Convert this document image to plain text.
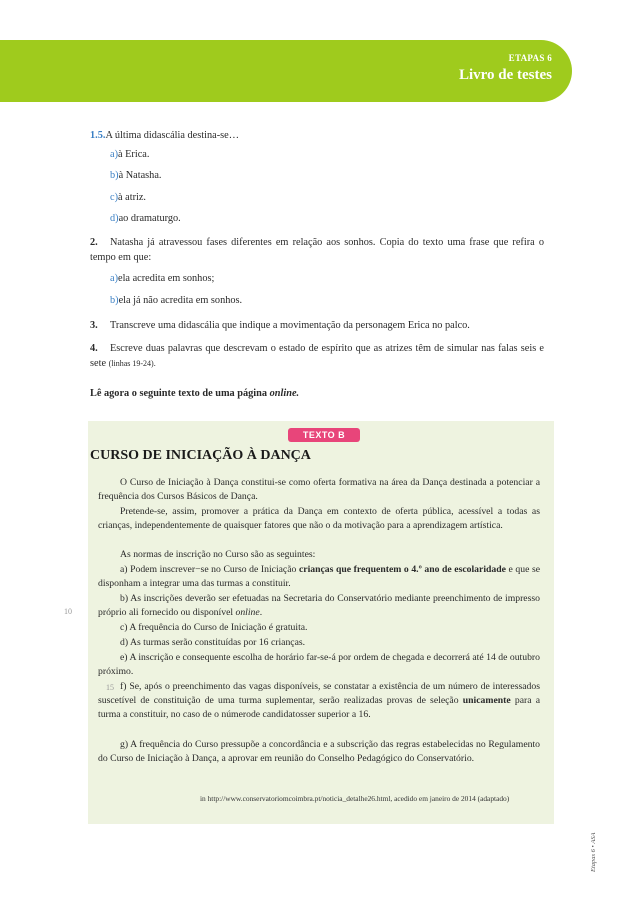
ETAPAS 6
Livro de testes
1.5.A última didascália destina-se…
a)à Erica.
b)à Natasha.
c)à atriz.
d)ao dramaturgo.
2. Natasha já atravessou fases diferentes em relação aos sonhos. Copia do texto uma frase que refira o tempo em que:
a)ela acredita em sonhos;
b)ela já não acredita em sonhos.
3. Transcreve uma didascália que indique a movimentação da personagem Erica no palco.
4. Escreve duas palavras que descrevam o estado de espírito que as atrizes têm de simular nas falas seis e sete (linhas 19-24).
Lê agora o seguinte texto de uma página online.
TEXTO B
CURSO DE INICIAÇÃO À DANÇA
O Curso de Iniciação à Dança constitui-se como oferta formativa na área da Dança destinada a potenciar a frequência dos Cursos Básicos de Dança.
Pretende-se, assim, promover a prática da Dança em contexto de oferta pública, acessível a todas as crianças, independentemente de quaisquer fatores que não o da motivação para a aprendizagem artística.
As normas de inscrição no Curso são as seguintes:
a) Podem inscrever−se no Curso de Iniciação crianças que frequentem o 4.º ano de escolaridade e que se disponham a integrar uma das turmas a constituir.
b) As inscrições deverão ser efetuadas na Secretaria do Conservatório mediante preenchimento de impresso próprio ali fornecido ou disponível online.
10
c) A frequência do Curso de Iniciação é gratuita.
d) As turmas serão constituídas por 16 crianças.
e) A inscrição e consequente escolha de horário far-se-á por ordem de chegada e decorrerá até 14 de outubro próximo.
15 f) Se, após o preenchimento das vagas disponíveis, se constatar a existência de um número de interessados suscetível de constituição de uma turma suplementar, serão realizadas provas de seleção unicamente para a turma a constituir, no caso de o númerode candidatosser superior a 16.
g) A frequência do Curso pressupõe a concordância e a subscrição das regras estabelecidas no Regulamento do Curso de Iniciação à Dança, a aprovar em reunião do Conselho Pedagógico do Conservatório.
in http://www.conservatoriomcoimbra.pt/noticia_detalhe26.html, acedido em janeiro de 2014 (adaptado)
Etapas 6 • ASA
